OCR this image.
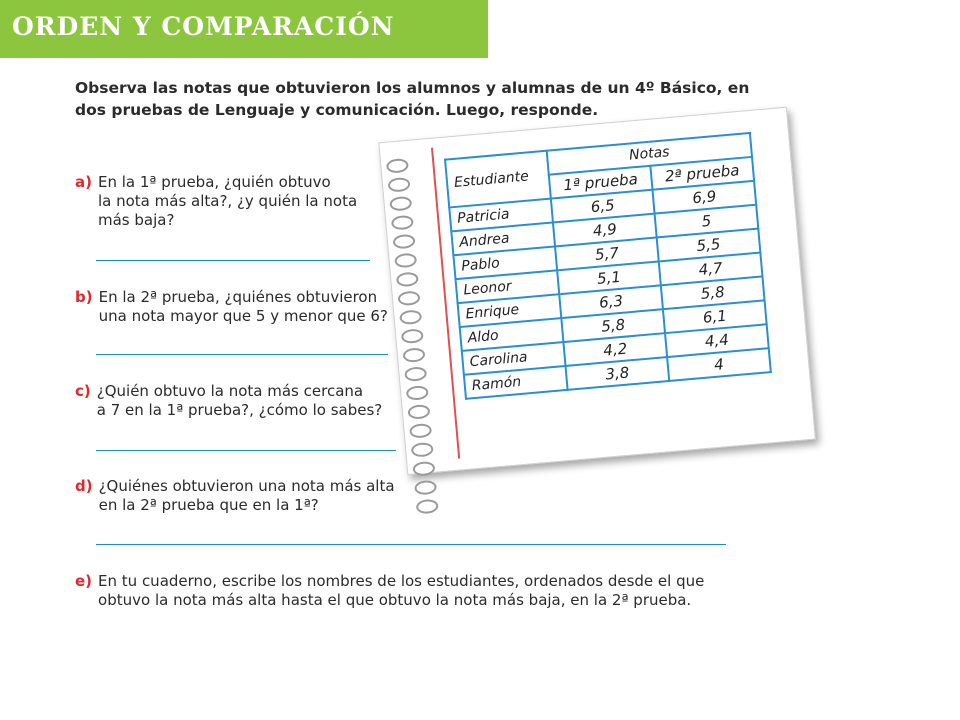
ORDEN Y COMPARACIÓN
Observa las notas que obtuvieron los alumnos y alumnas de un 4º Básico, en dos pruebas de Lenguaje y comunicación. Luego, responde.
a) En la 1ª prueba, ¿quién obtuvo
la nota más alta?, ¿y quién la nota
más baja?
b) En la 2ª prueba, ¿quiénes obtuvieron
una nota mayor que 5 y menor que 6?
c) ¿Quién obtuvo la nota más cercana
a 7 en la 1ª prueba?, ¿cómo lo sabes?
d) ¿Quiénes obtuvieron una nota más alta
en la 2ª prueba que en la 1ª?
e) En tu cuaderno, escribe los nombres de los estudiantes, ordenados desde el que
obtuvo la nota más alta hasta el que obtuvo la nota más baja, en la 2ª prueba.
Estudiante	Notas	
	1ª prueba	2ª prueba
Patricia	6,5	6,9
Andrea	4,9	5
Pablo	5,7	5,5
Leonor	5,1	4,7
Enrique	6,3	5,8
Aldo	5,8	6,1
Carolina	4,2	4,4
Ramón	3,8	4
